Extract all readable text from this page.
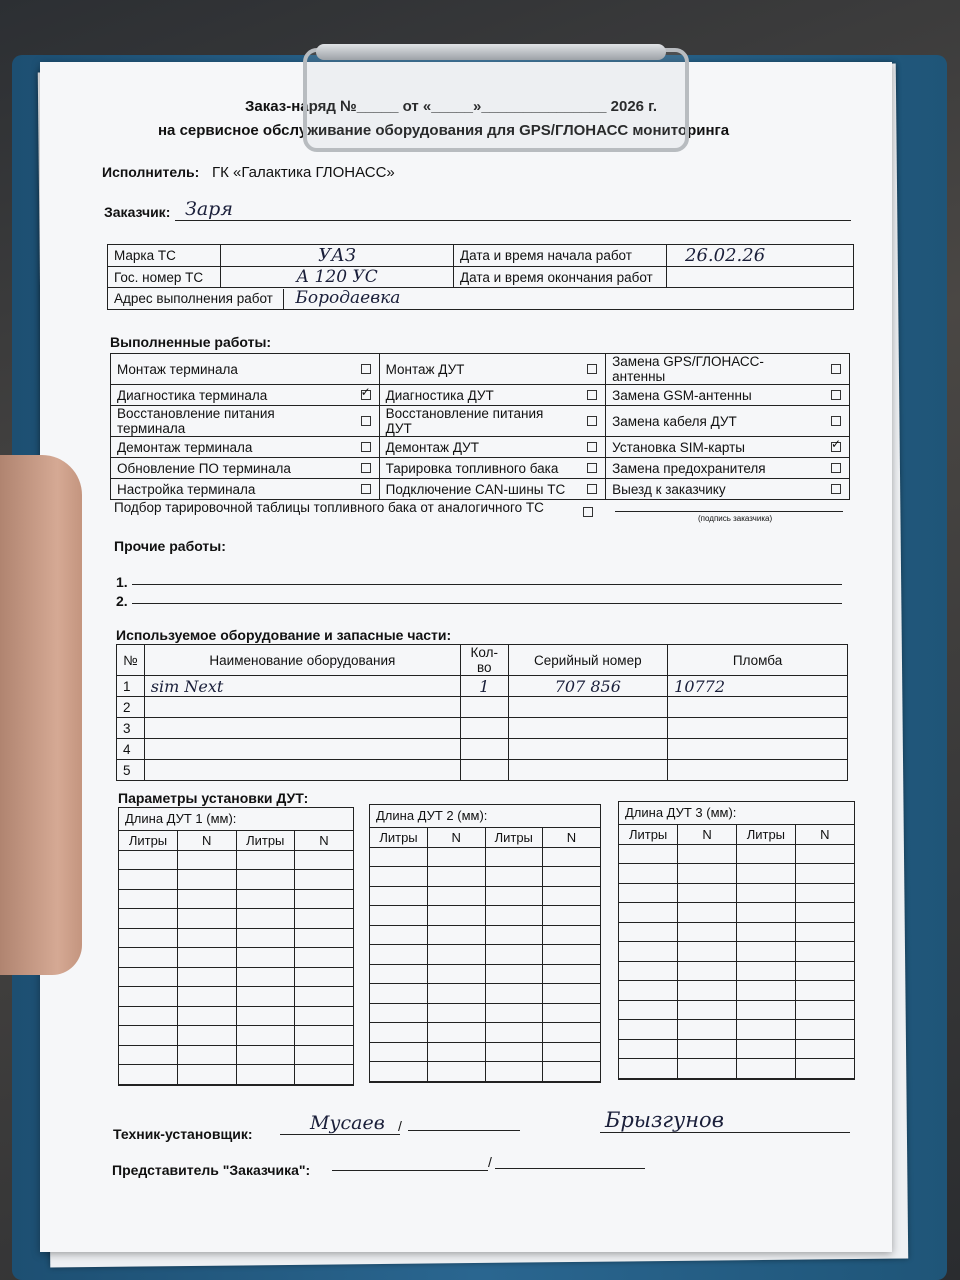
Заказ-наряд №_____ от «_____»_______________ 2026 г.
на сервисное обслуживание оборудования для GPS/ГЛОНАСС мониторинга
Исполнитель: ГК «Галактика ГЛОНАСС»
Заказчик: Заря
Марка ТС	УАЗ	Дата и время начала работ	26.02.26
Гос. номер ТС	А 120 УС	Дата и время окончания работ	
Адрес выполнения работ Бородаевка			
Выполненные работы:
Монтаж терминала		Монтаж ДУТ		Замена GPS/ГЛОНАСС-антенны	
Диагностика терминала	✓	Диагностика ДУТ		Замена GSM-антенны	
Восстановление питания терминала		Восстановление питания ДУТ		Замена кабеля ДУТ	
Демонтаж терминала		Демонтаж ДУТ		Установка SIM-карты	✓
Обновление ПО терминала		Тарировка топливного бака		Замена предохранителя	
Настройка терминала		Подключение CAN-шины ТС		Выезд к заказчику	
Подбор тарировочной таблицы топливного бака от аналогичного ТС
(подпись заказчика)
Прочие работы:
1.
2.
Используемое оборудование и запасные части:
№	Наименование оборудования	Кол-во	Серийный номер	Пломба
1	sim Next	1	707 856	10772
2				
3				
4				
5				
Параметры установки ДУТ:
Длина ДУТ 1 (мм):
Литры	N	Литры	N

Длина ДУТ 2 (мм):
Литры	N	Литры	N

Длина ДУТ 3 (мм):
Литры	N	Литры	N

Техник-установщик:	Мусаев /	Брызгунов
Представитель "Заказчика":	/
